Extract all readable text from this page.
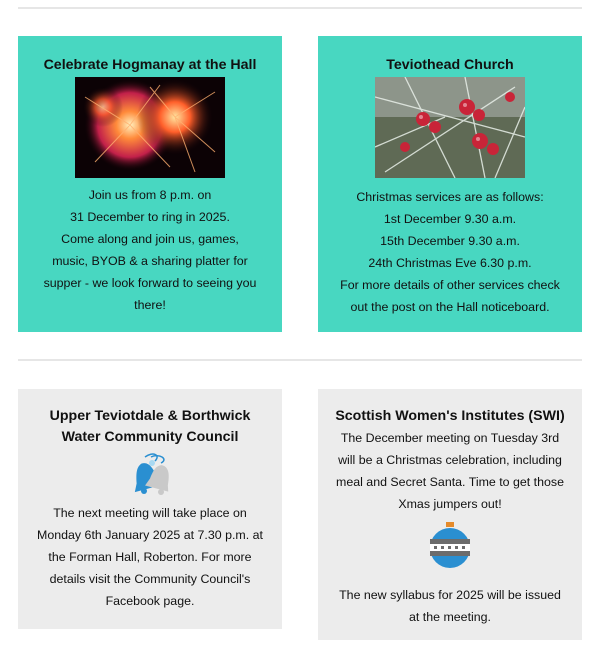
Celebrate Hogmanay at the Hall

Join us from 8 p.m. on

31 December to ring in 2025.

Come along and join us, games,

music, BYOB & a sharing platter for

supper - we look forward to seeing you

there!

Teviothead Church

Christmas services are as follows:

1st December 9.30 a.m.

15th December 9.30 a.m.

24th Christmas Eve 6.30 p.m.

For more details of other services check

out the post on the Hall noticeboard.

Upper Teviotdale & Borthwick
Water Community Council

The next meeting will take place on

Monday 6th January 2025 at 7.30 p.m. at

the Forman Hall, Roberton. For more

details visit the Community Council's

Facebook page.

Scottish Women's Institutes (SWI)

The December meeting on Tuesday 3rd

will be a Christmas celebration, including

meal and Secret Santa. Time to get those

Xmas jumpers out!

The new syllabus for 2025 will be issued

at the meeting.
